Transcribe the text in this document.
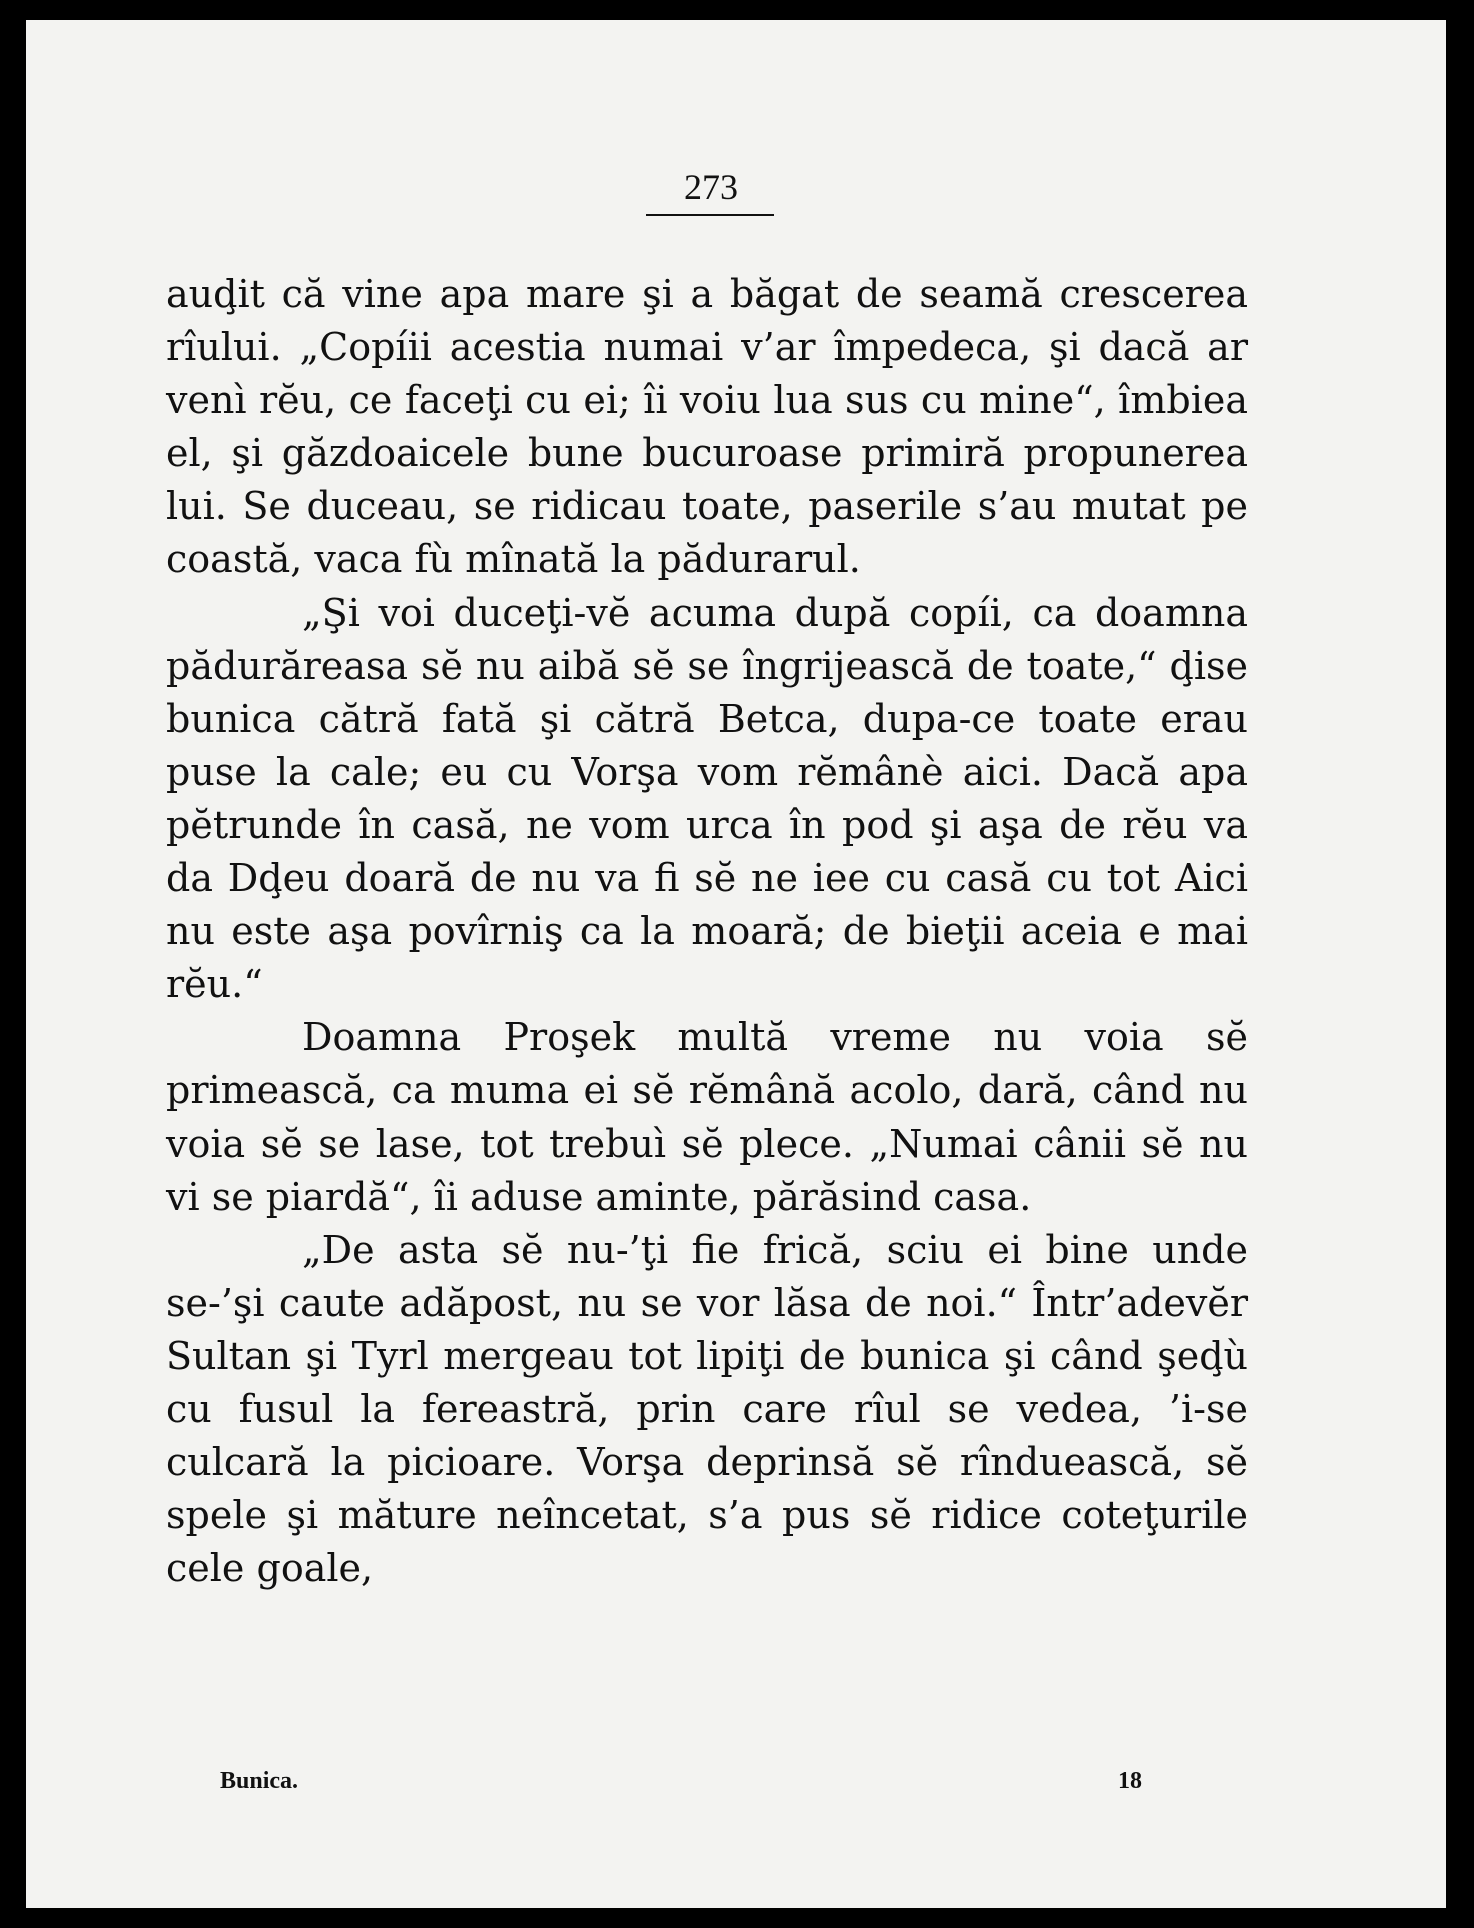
273

auḑit că vine apa mare şi a băgat de seamă crescerea rîului. „Copíii acestia numai v’ar împedeca, şi dacă ar venì rĕu, ce faceţi cu ei; îi voiu lua sus cu mine“, îmbiea el, şi găzdoaicele bune bucuroase primiră propunerea lui. Se duceau, se ridicau toate, paserile s’au mutat pe coastă, vaca fù mînată la pădurarul.

„Şi voi duceţi-vĕ acuma după copíi, ca doamna pădurăreasa sĕ nu aibă sĕ se îngrijească de toate,“ ḑise bunica cătră fată şi cătră Betca, dupa-ce toate erau puse la cale; eu cu Vorşa vom rĕmânè aici. Dacă apa pĕtrunde în casă, ne vom urca în pod şi aşa de rĕu va da Dḑeu doară de nu va fi sĕ ne iee cu casă cu tot Aici nu este aşa povîrniş ca la moară; de bieţii aceia e mai rĕu.“

Doamna Proşek multă vreme nu voia sĕ primească, ca muma ei sĕ rĕmână acolo, dară, când nu voia sĕ se lase, tot trebuì sĕ plece. „Numai cânii sĕ nu vi se piardă“, îi aduse aminte, părăsind casa.

„De asta sĕ nu-’ţi fie frică, sciu ei bine unde se-’şi caute adăpost, nu se vor lăsa de noi.“ Într’adevĕr Sultan şi Tyrl mergeau tot lipiţi de bunica şi când şeḑù cu fusul la fereastră, prin care rîul se vedea, ’i-se culcară la picioare. Vorşa deprinsă sĕ rînduească, sĕ spele şi măture neîncetat, s’a pus sĕ ridice coteţurile cele goale,

Bunica.	18
